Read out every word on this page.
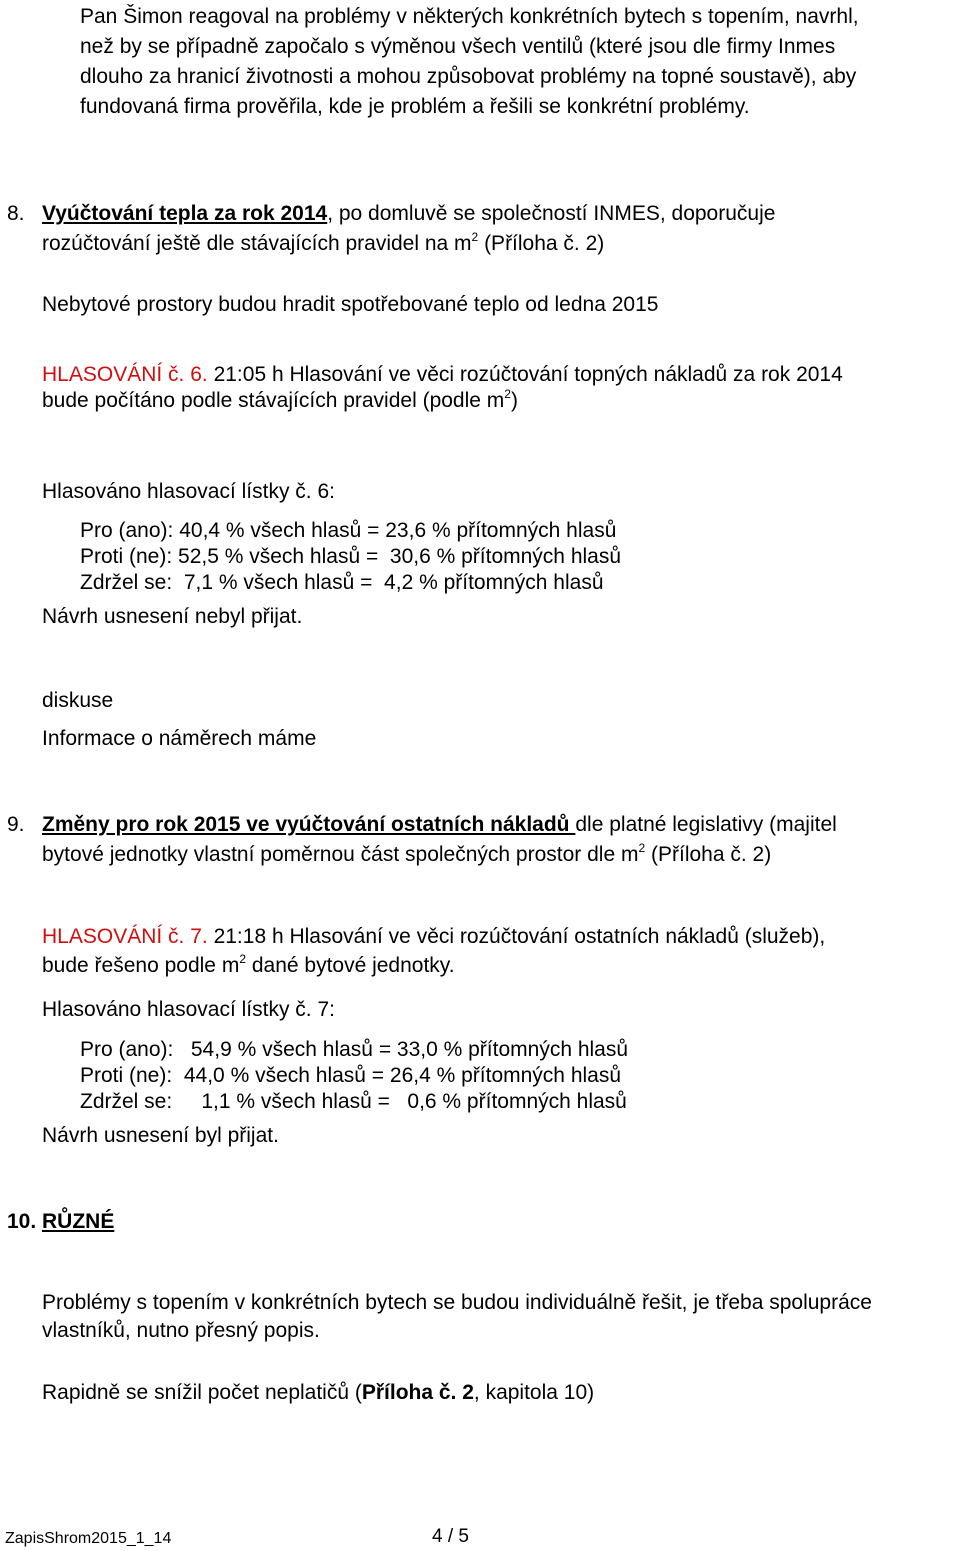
Pan Šimon reagoval na problémy v některých konkrétních bytech s topením, navrhl,
než by se případně započalo s výměnou všech ventilů (které jsou dle firmy Inmes
dlouho za hranicí životnosti a mohou způsobovat problémy na topné soustavě), aby
fundovaná firma prověřila, kde je problém a řešili se konkrétní problémy.
8. Vyúčtování tepla za rok 2014, po domluvě se společností INMES, doporučuje
rozúčtování ještě dle stávajících pravidel na $m^2$ (Příloha č. 2)
Nebytové prostory budou hradit spotřebované teplo od ledna 2015
HLASOVÁNÍ č. 6. 21:05 h Hlasování ve věci rozúčtování topných nákladů za rok 2014
bude počítáno podle stávajících pravidel (podle $m^2$)
Hlasováno hlasovací lístky č. 6:
Pro (ano): 40,4 % všech hlasů = 23,6 % přítomných hlasů
Proti (ne): 52,5 % všech hlasů =  30,6 % přítomných hlasů
Zdržel se:  7,1 % všech hlasů =  4,2 % přítomných hlasů
Návrh usnesení nebyl přijat.
diskuse
Informace o náměrech máme
9. Změny pro rok 2015 ve vyúčtování ostatních nákladů dle platné legislativy (majitel
bytové jednotky vlastní poměrnou část společných prostor dle $m^2$ (Příloha č. 2)
HLASOVÁNÍ č. 7. 21:18 h Hlasování ve věci rozúčtování ostatních nákladů (služeb),
bude řešeno podle $m^2$ dané bytové jednotky.
Hlasováno hlasovací lístky č. 7:
Pro (ano):   54,9 % všech hlasů = 33,0 % přítomných hlasů
Proti (ne):  44,0 % všech hlasů = 26,4 % přítomných hlasů
Zdržel se:     1,1 % všech hlasů =   0,6 % přítomných hlasů
Návrh usnesení byl přijat.
10. RŮZNÉ
Problémy s topením v konkrétních bytech se budou individuálně řešit, je třeba spolupráce
vlastníků, nutno přesný popis.
Rapidně se snížil počet neplatičů (Příloha č. 2, kapitola 10)
ZapisShrom2015_1_14	4 / 5
